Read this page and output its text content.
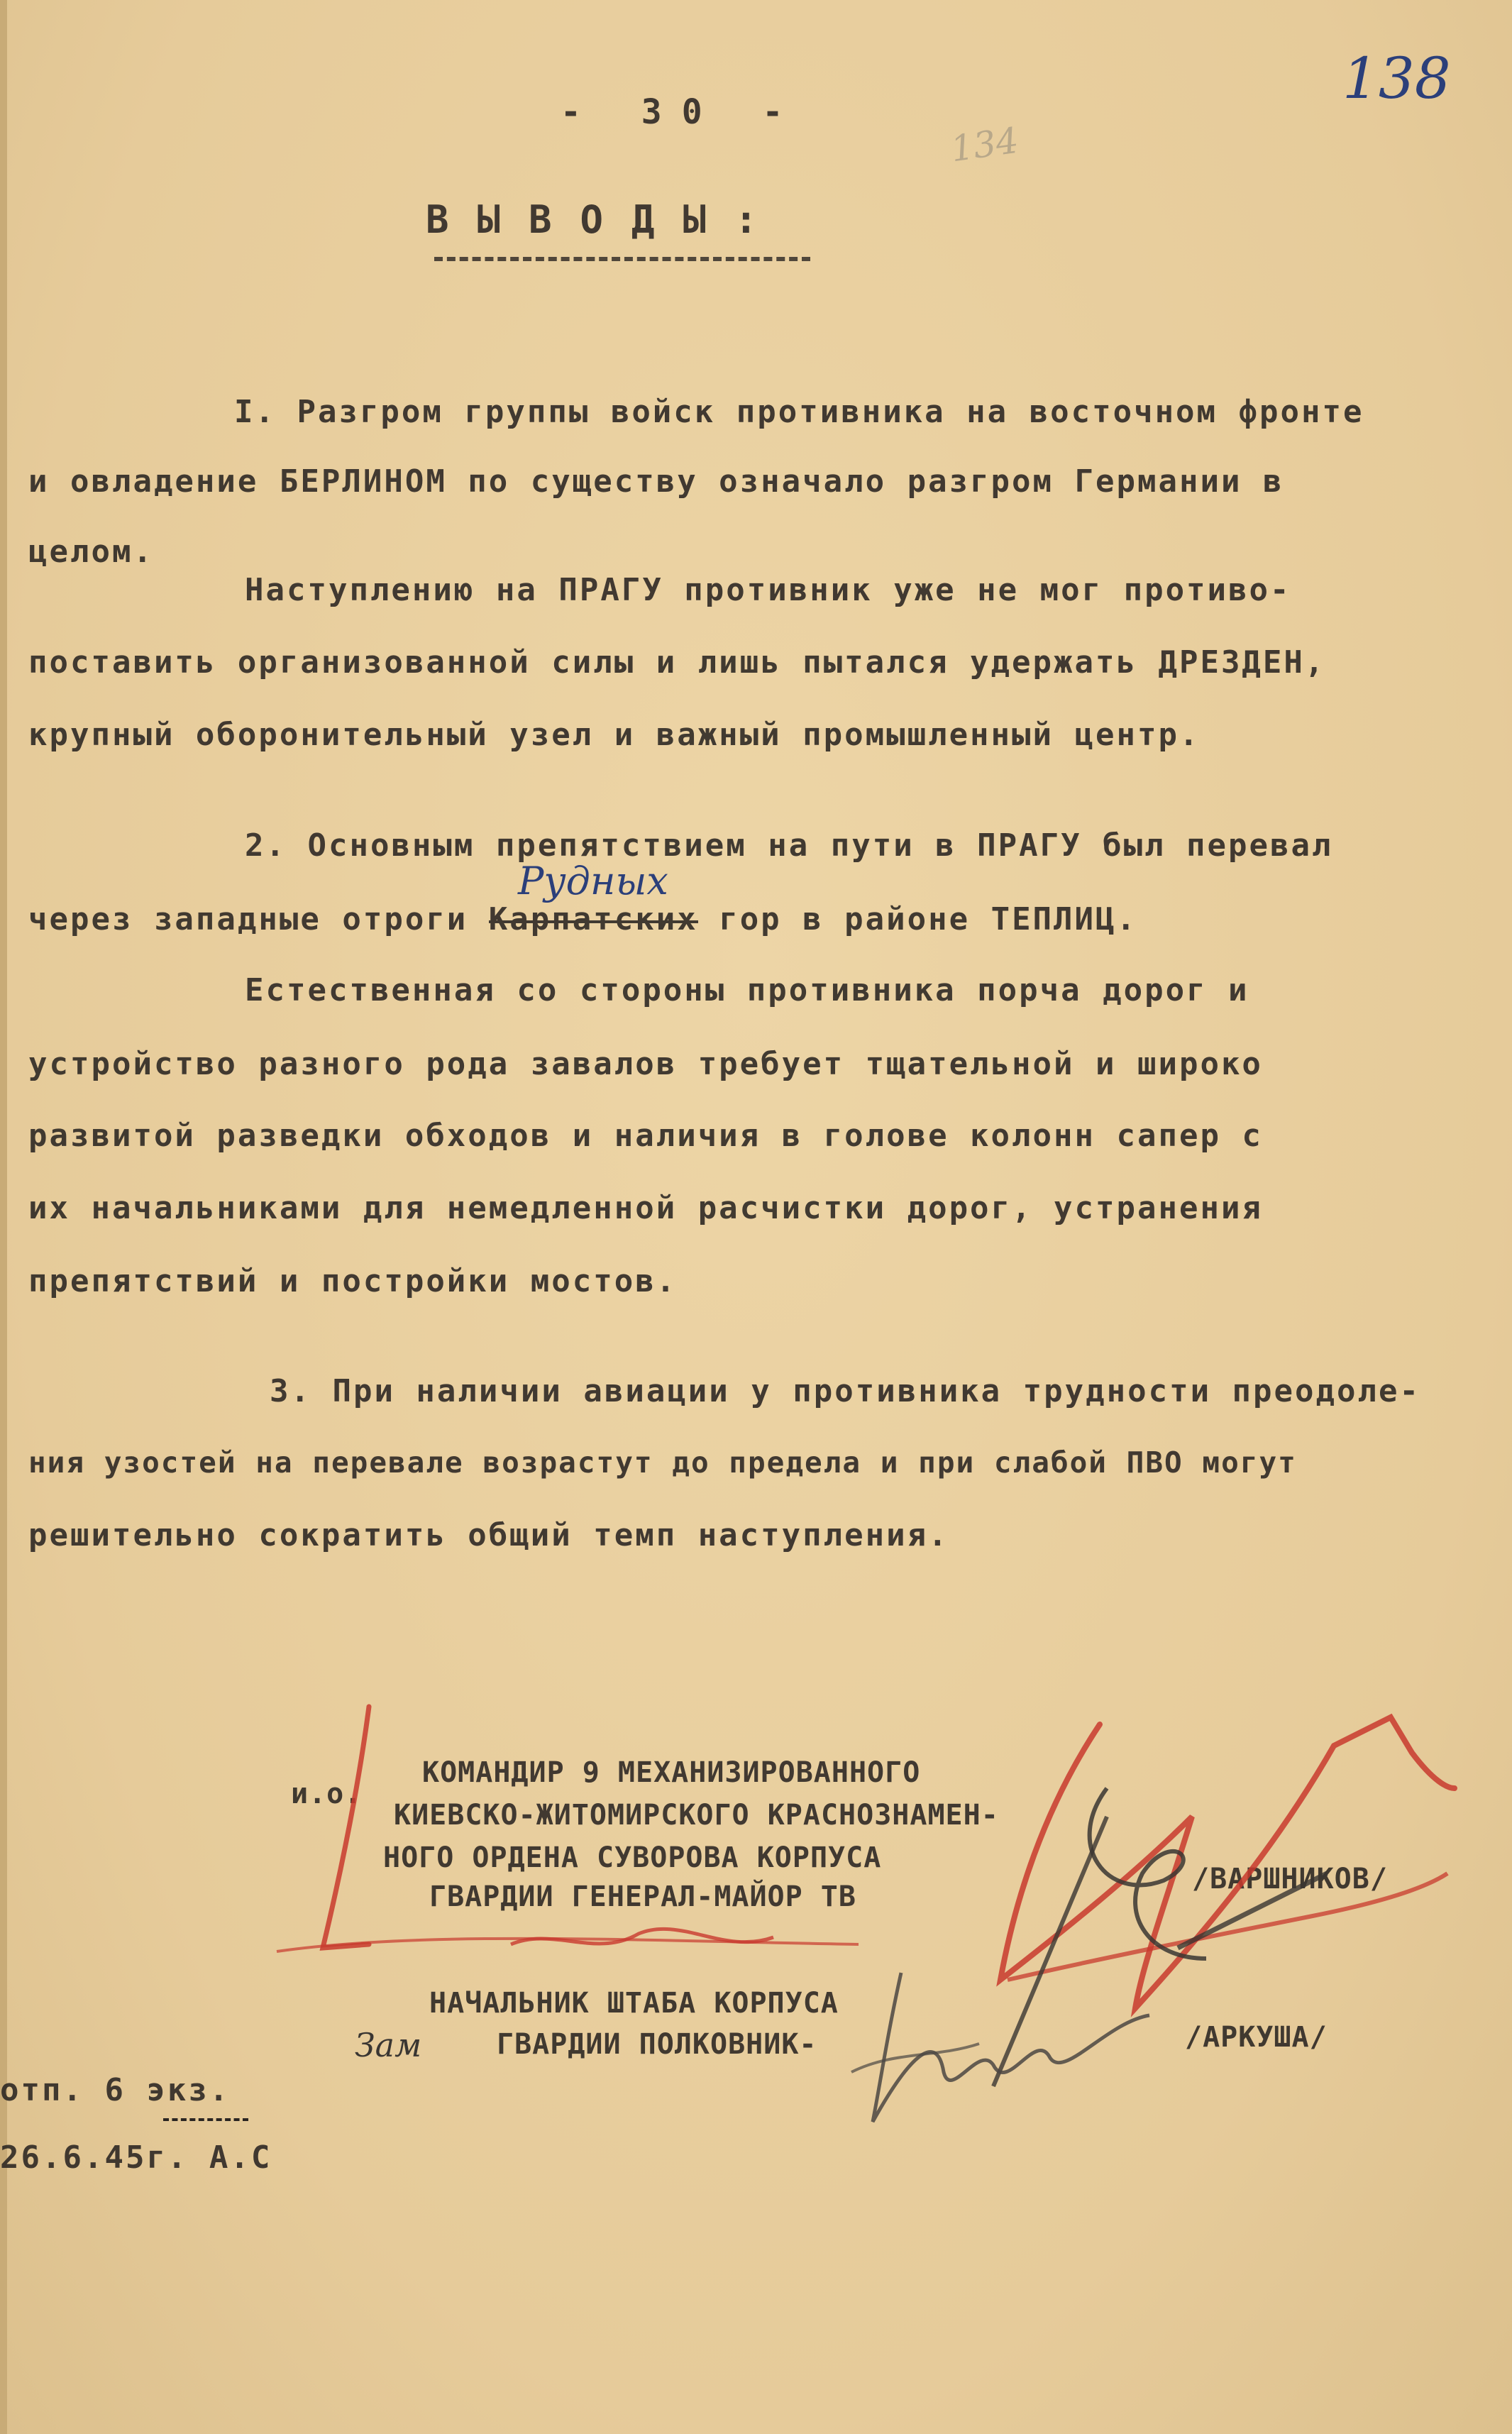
138
134
- 30 -
ВЫВОДЫ:
I. Разгром группы войск противника на восточном фронте
и овладение БЕРЛИНОМ по существу означало разгром Германии в
целом.
Наступлению на ПРАГУ противник уже не мог противо-
поставить организованной силы и лишь пытался удержать ДРЕЗДЕН,
крупный оборонительный узел и важный промышленный центр.
2. Основным препятствием на пути в ПРАГУ был перевал
через западные отроги Карпатских гор в районе ТЕПЛИЦ.
Рудных
Естественная со стороны противника порча дорог и
устройство разного рода завалов требует тщательной и широко
развитой разведки обходов и наличия в голове колонн сапер с
их начальниками для немедленной расчистки дорог, устранения
препятствий и постройки мостов.
3. При наличии авиации у противника трудности преодоле-
ния узостей на перевале возрастут до предела и при слабой ПВО могут
решительно сократить общий темп наступления.
и.о.
КОМАНДИР 9 МЕХАНИЗИРОВАННОГО
КИЕВСКО-ЖИТОМИРСКОГО КРАСНОЗНАМЕН-
НОГО ОРДЕНА СУВОРОВА КОРПУСА
ГВАРДИИ ГЕНЕРАЛ-МАЙОР ТВ
/ВАРШНИКОВ/
НАЧАЛЬНИК ШТАБА КОРПУСА
ГВАРДИИ ПОЛКОВНИК-
Зам	/АРКУША/
отп. 6 экз.
26.6.45г. А.С
